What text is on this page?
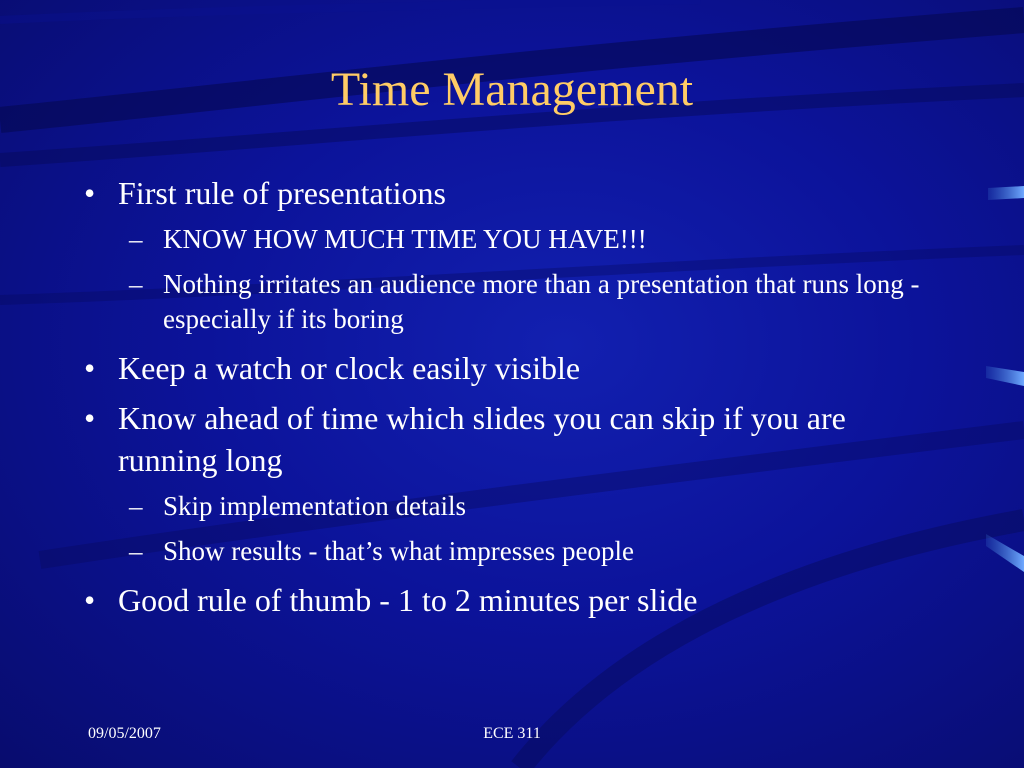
Time Management
• First rule of presentations
– KNOW HOW MUCH TIME YOU HAVE!!!
– Nothing irritates an audience more than a presentation that runs long - especially if its boring
• Keep a watch or clock easily visible
• Know ahead of time which slides you can skip if you are running long
– Skip implementation details
– Show results - that’s what impresses people
• Good rule of thumb - 1 to 2 minutes per slide
09/05/2007	ECE 311
